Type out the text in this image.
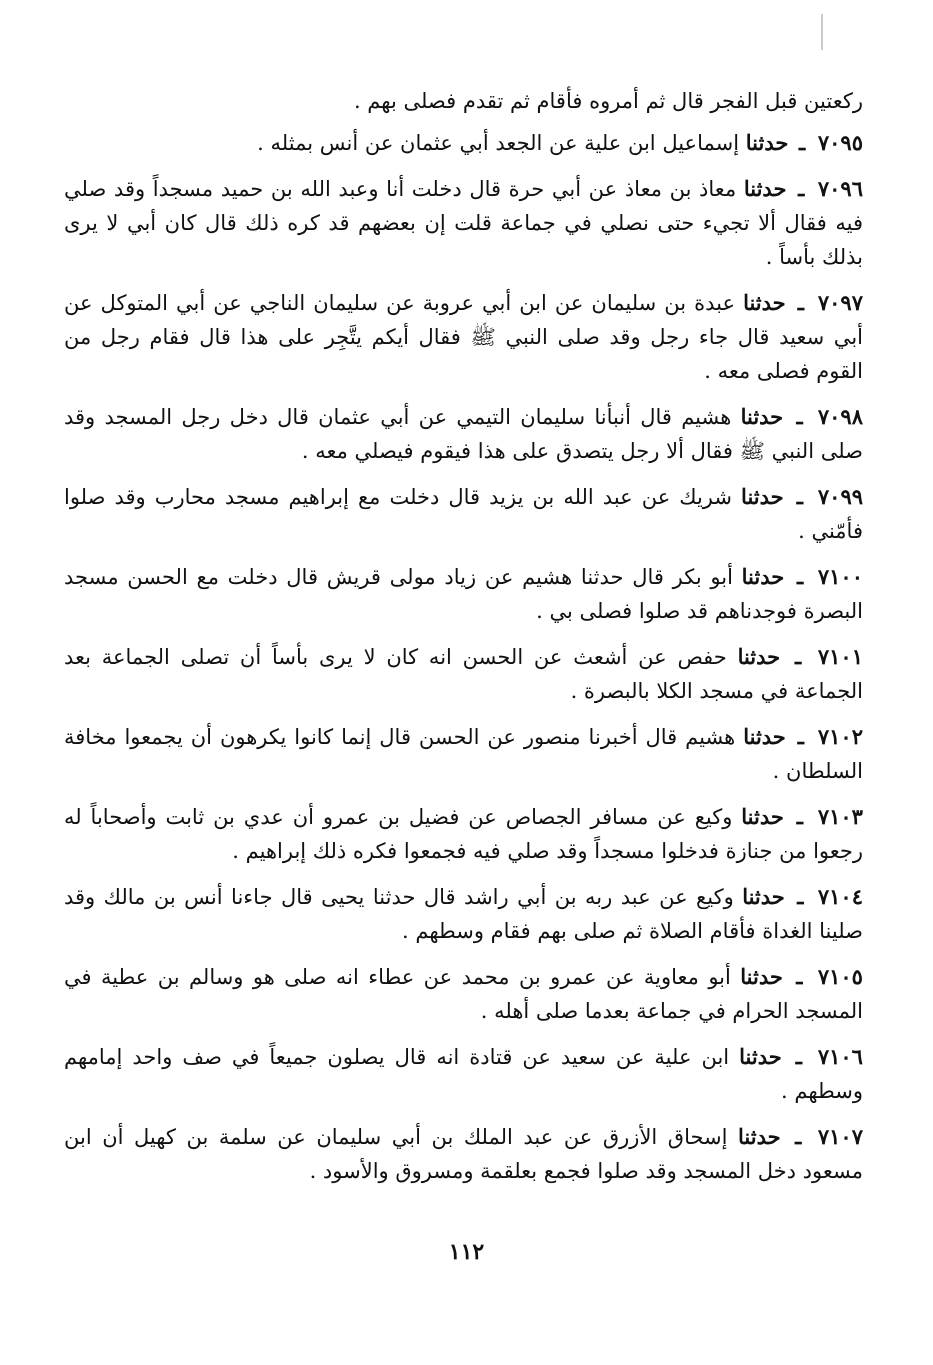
ركعتين قبل الفجر قال ثم أمروه فأقام ثم تقدم فصلى بهم .

٧٠٩٥ ـ حدثنا إسماعيل ابن علية عن الجعد أبي عثمان عن أنس بمثله .

٧٠٩٦ ـ حدثنا معاذ بن معاذ عن أبي حرة قال دخلت أنا وعبد الله بن حميد مسجداً وقد صلي فيه فقال ألا تجيء حتى نصلي في جماعة قلت إن بعضهم قد كره ذلك قال كان أبي لا يرى بذلك بأساً .

٧٠٩٧ ـ حدثنا عبدة بن سليمان عن ابن أبي عروبة عن سليمان الناجي عن أبي المتوكل عن أبي سعيد قال جاء رجل وقد صلى النبي ﷺ فقال أيكم يتَّجِر على هذا قال فقام رجل من القوم فصلى معه .

٧٠٩٨ ـ حدثنا هشيم قال أنبأنا سليمان التيمي عن أبي عثمان قال دخل رجل المسجد وقد صلى النبي ﷺ فقال ألا رجل يتصدق على هذا فيقوم فيصلي معه .

٧٠٩٩ ـ حدثنا شريك عن عبد الله بن يزيد قال دخلت مع إبراهيم مسجد محارب وقد صلوا فأمّني .

٧١٠٠ ـ حدثنا أبو بكر قال حدثنا هشيم عن زياد مولى قريش قال دخلت مع الحسن مسجد البصرة فوجدناهم قد صلوا فصلى بي .

٧١٠١ ـ حدثنا حفص عن أشعث عن الحسن انه كان لا يرى بأساً أن تصلى الجماعة بعد الجماعة في مسجد الكلا بالبصرة .

٧١٠٢ ـ حدثنا هشيم قال أخبرنا منصور عن الحسن قال إنما كانوا يكرهون أن يجمعوا مخافة السلطان .

٧١٠٣ ـ حدثنا وكيع عن مسافر الجصاص عن فضيل بن عمرو أن عدي بن ثابت وأصحاباً له رجعوا من جنازة فدخلوا مسجداً وقد صلي فيه فجمعوا فكره ذلك إبراهيم .

٧١٠٤ ـ حدثنا وكيع عن عبد ربه بن أبي راشد قال حدثنا يحيى قال جاءنا أنس بن مالك وقد صلينا الغداة فأقام الصلاة ثم صلى بهم فقام وسطهم .

٧١٠٥ ـ حدثنا أبو معاوية عن عمرو بن محمد عن عطاء انه صلى هو وسالم بن عطية في المسجد الحرام في جماعة بعدما صلى أهله .

٧١٠٦ ـ حدثنا ابن علية عن سعيد عن قتادة انه قال يصلون جميعاً في صف واحد إمامهم وسطهم .

٧١٠٧ ـ حدثنا إسحاق الأزرق عن عبد الملك بن أبي سليمان عن سلمة بن كهيل أن ابن مسعود دخل المسجد وقد صلوا فجمع بعلقمة ومسروق والأسود .

١١٢
